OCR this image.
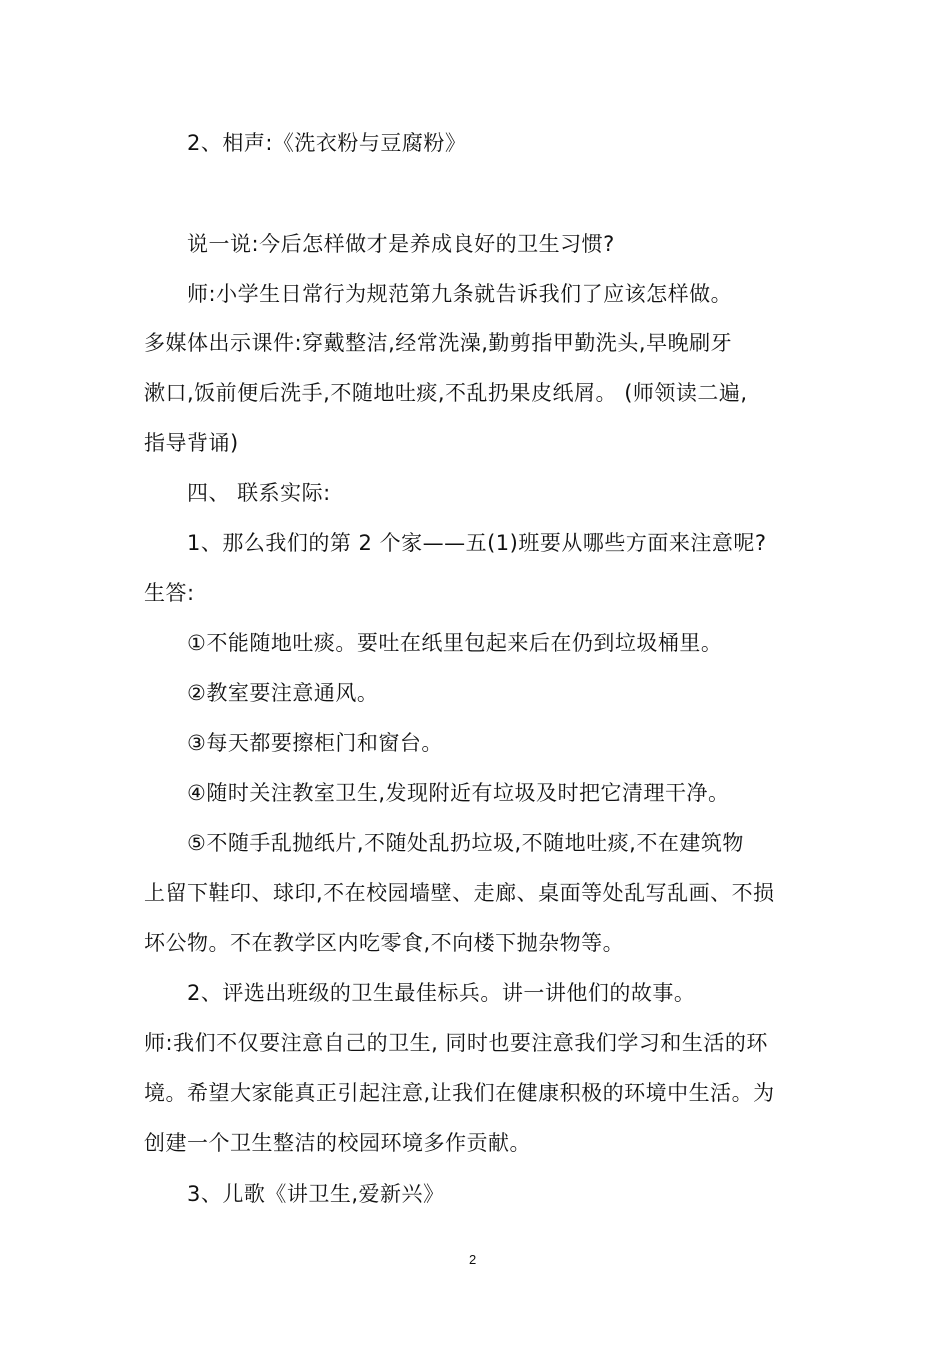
2、相声:《洗衣粉与豆腐粉》
说一说:今后怎样做才是养成良好的卫生习惯?
师:小学生日常行为规范第九条就告诉我们了应该怎样做。
多媒体出示课件:穿戴整洁,经常洗澡,勤剪指甲勤洗头,早晚刷牙
漱口,饭前便后洗手,不随地吐痰,不乱扔果皮纸屑。 (师领读二遍,
指导背诵)
四、 联系实际:
1、那么我们的第 2 个家——五(1)班要从哪些方面来注意呢?
生答:
①不能随地吐痰。要吐在纸里包起来后在仍到垃圾桶里。
②教室要注意通风。
③每天都要擦柜门和窗台。
④随时关注教室卫生,发现附近有垃圾及时把它清理干净。
⑤不随手乱抛纸片,不随处乱扔垃圾,不随地吐痰,不在建筑物
上留下鞋印、球印,不在校园墙壁、走廊、桌面等处乱写乱画、不损
坏公物。不在教学区内吃零食,不向楼下抛杂物等。
2、评选出班级的卫生最佳标兵。讲一讲他们的故事。
师:我们不仅要注意自己的卫生, 同时也要注意我们学习和生活的环
境。希望大家能真正引起注意,让我们在健康积极的环境中生活。为
创建一个卫生整洁的校园环境多作贡献。
3、儿歌《讲卫生,爱新兴》
2
